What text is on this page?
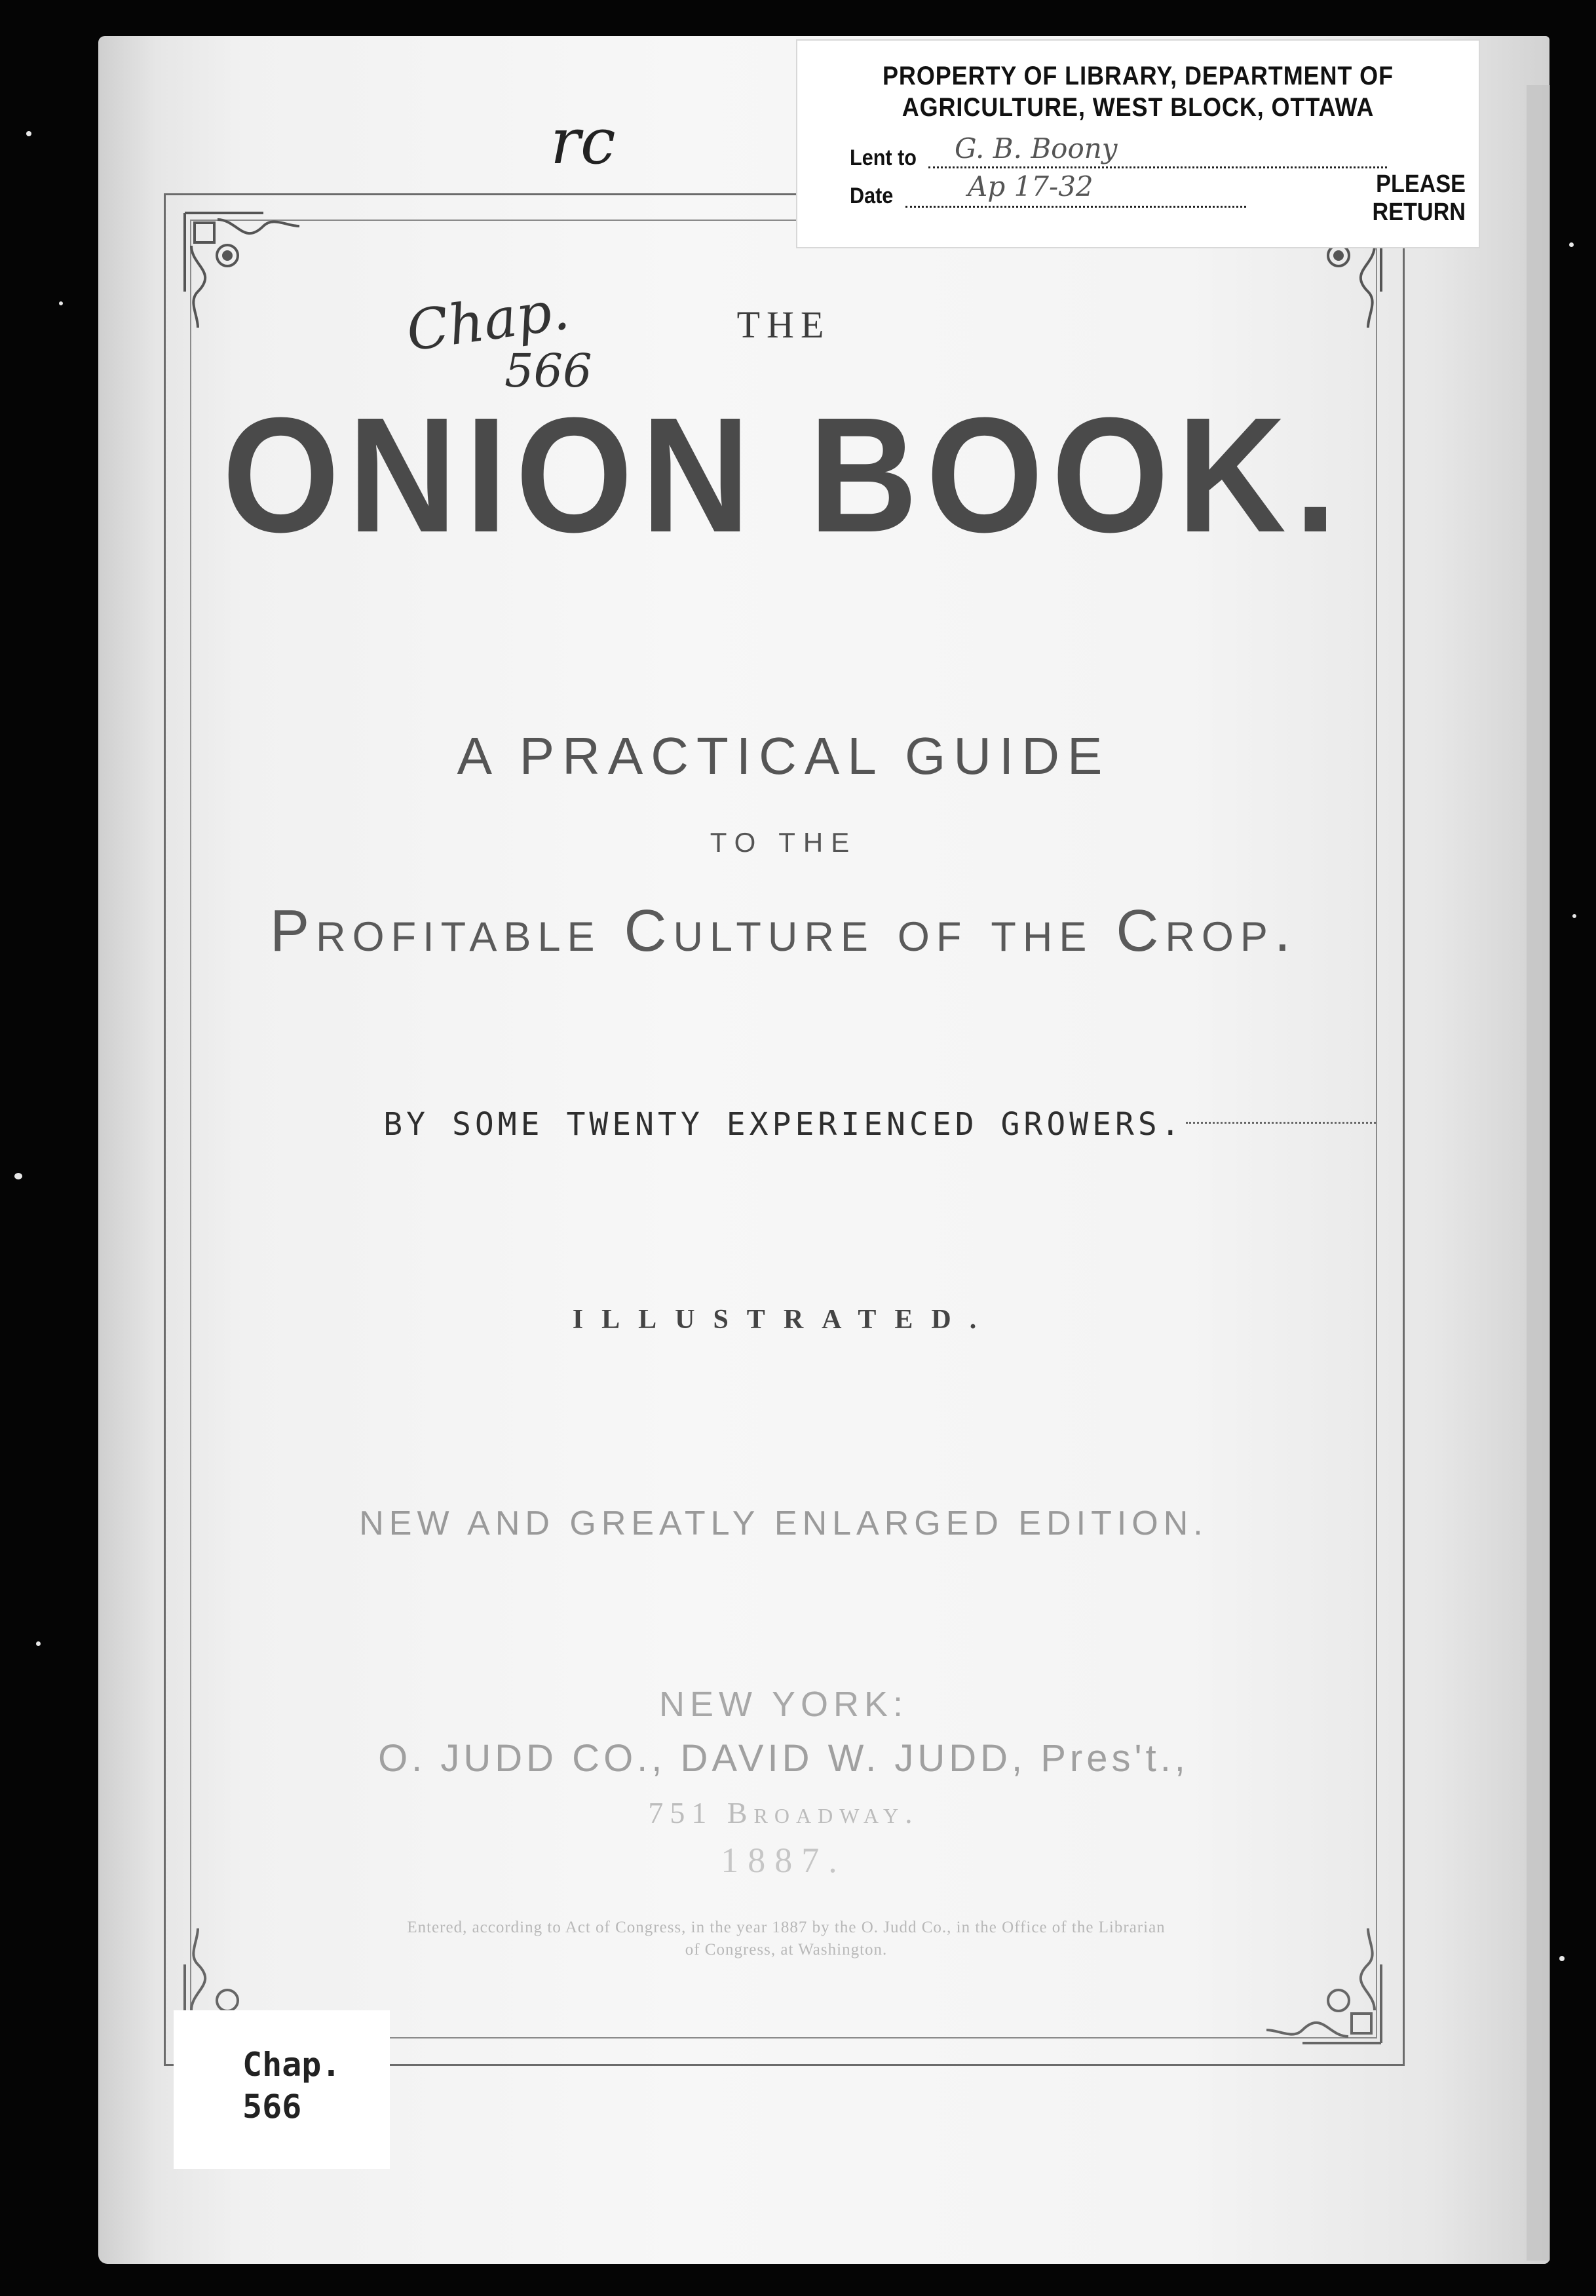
rc
Chap.
566
THE
ONION BOOK.
A PRACTICAL GUIDE
TO THE
Profitable Culture of the Crop.
BY SOME TWENTY EXPERIENCED GROWERS.
ILLUSTRATED.
NEW AND GREATLY ENLARGED EDITION.
NEW YORK:
O. JUDD CO., DAVID W. JUDD, Pres't.,
751 Broadway.
1887.
Entered, according to Act of Congress, in the year 1887 by the O. Judd Co., in the Office of the Librarian
of Congress, at Washington.
PROPERTY OF LIBRARY, DEPARTMENT OF
AGRICULTURE, WEST BLOCK, OTTAWA
Lent to G. B. Boony
Date	Ap 17-32	PLEASE RETURN
Chap.
566
